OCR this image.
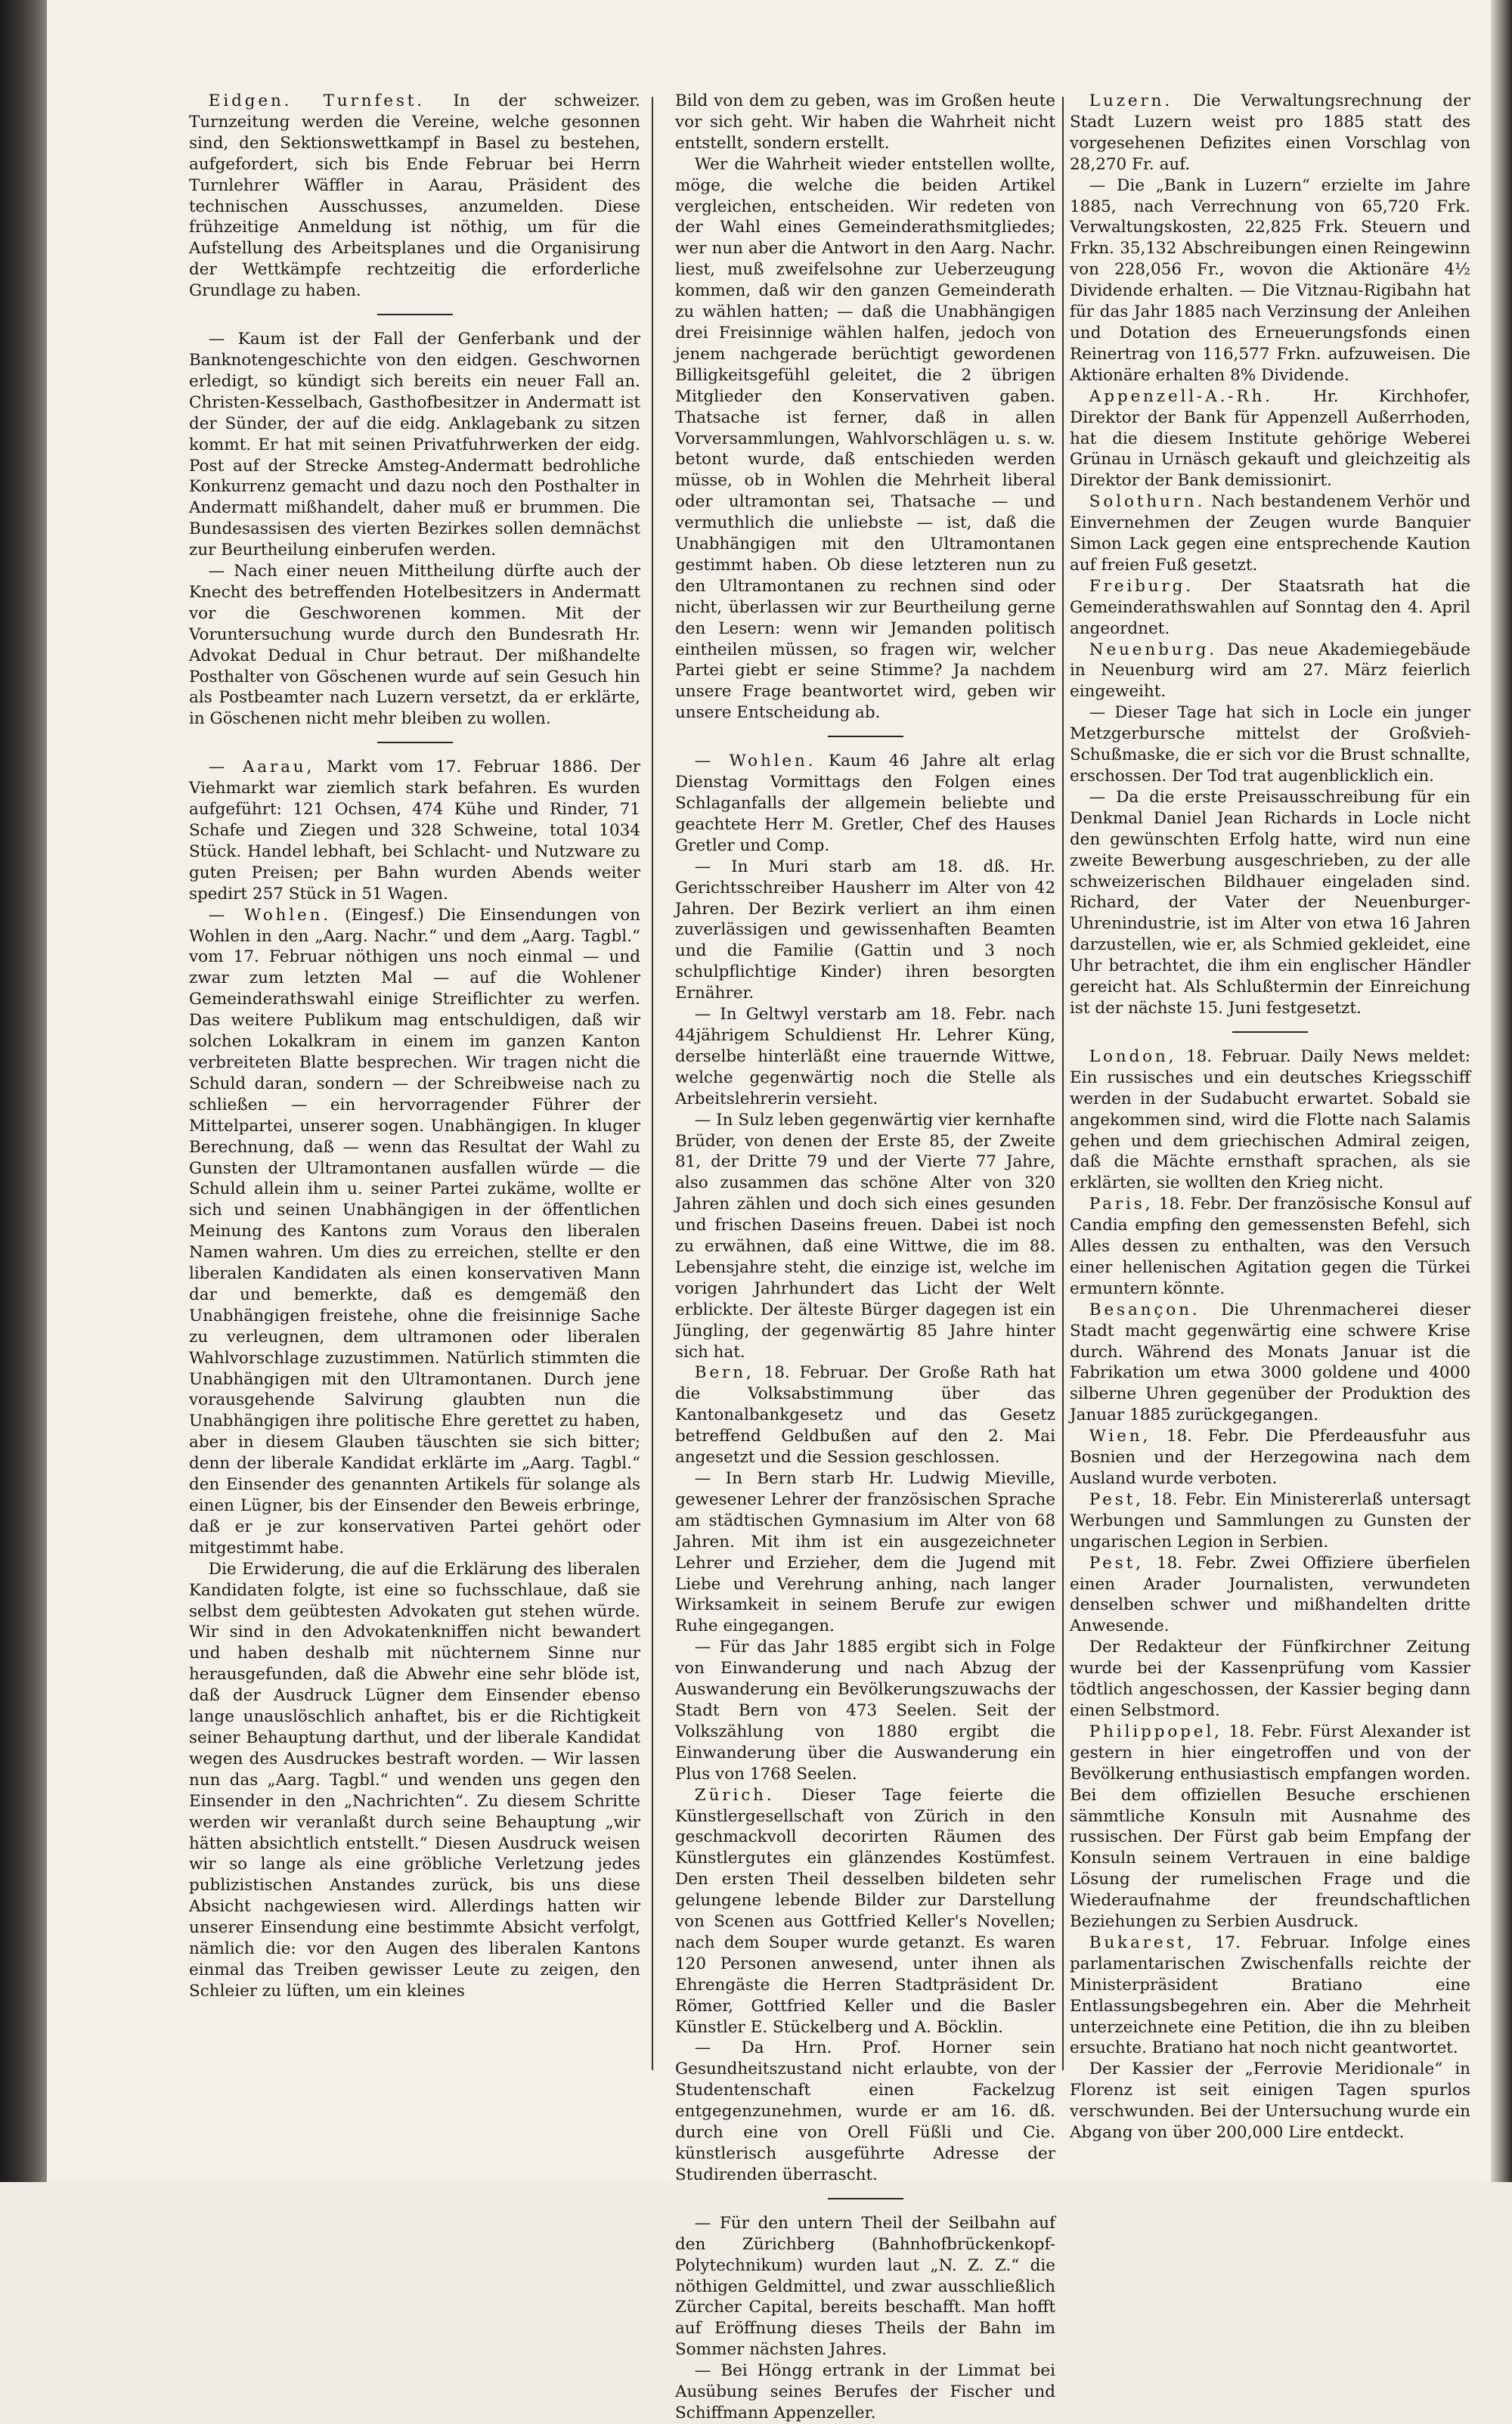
Eidgen. Turnfest. In der schweizer. Turnzeitung werden die Vereine, welche gesonnen sind, den Sektionswettkampf in Basel zu bestehen, aufgefordert, sich bis Ende Februar bei Herrn Turnlehrer Wäffler in Aarau, Präsident des technischen Ausschusses, anzumelden. Diese frühzeitige Anmeldung ist nöthig, um für die Aufstellung des Arbeitsplanes und die Organisirung der Wettkämpfe rechtzeitig die erforderliche Grundlage zu haben.

— Kaum ist der Fall der Genferbank und der Banknotengeschichte von den eidgen. Geschwornen erledigt, so kündigt sich bereits ein neuer Fall an. Christen-Kesselbach, Gasthofbesitzer in Andermatt ist der Sünder, der auf die eidg. Anklagebank zu sitzen kommt. Er hat mit seinen Privatfuhrwerken der eidg. Post auf der Strecke Amsteg-Andermatt bedrohliche Konkurrenz gemacht und dazu noch den Posthalter in Andermatt mißhandelt, daher muß er brummen. Die Bundesassisen des vierten Bezirkes sollen demnächst zur Beurtheilung einberufen werden.

— Nach einer neuen Mittheilung dürfte auch der Knecht des betreffenden Hotelbesitzers in Andermatt vor die Geschworenen kommen. Mit der Voruntersuchung wurde durch den Bundesrath Hr. Advokat Dedual in Chur betraut. Der mißhandelte Posthalter von Göschenen wurde auf sein Gesuch hin als Postbeamter nach Luzern versetzt, da er erklärte, in Göschenen nicht mehr bleiben zu wollen.

— Aarau, Markt vom 17. Februar 1886. Der Viehmarkt war ziemlich stark befahren. Es wurden aufgeführt: 121 Ochsen, 474 Kühe und Rinder, 71 Schafe und Ziegen und 328 Schweine, total 1034 Stück. Handel lebhaft, bei Schlacht- und Nutzware zu guten Preisen; per Bahn wurden Abends weiter spedirt 257 Stück in 51 Wagen.

— Wohlen. (Eingesf.) Die Einsendungen von Wohlen in den „Aarg. Nachr.“ und dem „Aarg. Tagbl.“ vom 17. Februar nöthigen uns noch einmal — und zwar zum letzten Mal — auf die Wohlener Gemeinderathswahl einige Streiflichter zu werfen. Das weitere Publikum mag entschuldigen, daß wir solchen Lokalkram in einem im ganzen Kanton verbreiteten Blatte besprechen. Wir tragen nicht die Schuld daran, sondern — der Schreibweise nach zu schließen — ein hervorragender Führer der Mittelpartei, unserer sogen. Unabhängigen. In kluger Berechnung, daß — wenn das Resultat der Wahl zu Gunsten der Ultramontanen ausfallen würde — die Schuld allein ihm u. seiner Partei zukäme, wollte er sich und seinen Unabhängigen in der öffentlichen Meinung des Kantons zum Voraus den liberalen Namen wahren. Um dies zu erreichen, stellte er den liberalen Kandidaten als einen konservativen Mann dar und bemerkte, daß es demgemäß den Unabhängigen freistehe, ohne die freisinnige Sache zu verleugnen, dem ultramonen oder liberalen Wahlvorschlage zuzustimmen. Natürlich stimmten die Unabhängigen mit den Ultramontanen. Durch jene vorausgehende Salvirung glaubten nun die Unabhängigen ihre politische Ehre gerettet zu haben, aber in diesem Glauben täuschten sie sich bitter; denn der liberale Kandidat erklärte im „Aarg. Tagbl.“ den Einsender des genannten Artikels für solange als einen Lügner, bis der Einsender den Beweis erbringe, daß er je zur konservativen Partei gehört oder mitgestimmt habe.

Die Erwiderung, die auf die Erklärung des liberalen Kandidaten folgte, ist eine so fuchsschlaue, daß sie selbst dem geübtesten Advokaten gut stehen würde. Wir sind in den Advokatenkniffen nicht bewandert und haben deshalb mit nüchternem Sinne nur herausgefunden, daß die Abwehr eine sehr blöde ist, daß der Ausdruck Lügner dem Einsender ebenso lange unauslöschlich anhaftet, bis er die Richtigkeit seiner Behauptung darthut, und der liberale Kandidat wegen des Ausdruckes bestraft worden. — Wir lassen nun das „Aarg. Tagbl.“ und wenden uns gegen den Einsender in den „Nachrichten“. Zu diesem Schritte werden wir veranlaßt durch seine Behauptung „wir hätten absichtlich entstellt.“ Diesen Ausdruck weisen wir so lange als eine gröbliche Verletzung jedes publizistischen Anstandes zurück, bis uns diese Absicht nachgewiesen wird. Allerdings hatten wir unserer Einsendung eine bestimmte Absicht verfolgt, nämlich die: vor den Augen des liberalen Kantons einmal das Treiben gewisser Leute zu zeigen, den Schleier zu lüften, um ein kleines

Bild von dem zu geben, was im Großen heute vor sich geht. Wir haben die Wahrheit nicht entstellt, sondern erstellt.

Wer die Wahrheit wieder entstellen wollte, möge, die welche die beiden Artikel vergleichen, entscheiden. Wir redeten von der Wahl eines Gemeinderathsmitgliedes; wer nun aber die Antwort in den Aarg. Nachr. liest, muß zweifelsohne zur Ueberzeugung kommen, daß wir den ganzen Gemeinderath zu wählen hatten; — daß die Unabhängigen drei Freisinnige wählen halfen, jedoch von jenem nachgerade berüchtigt gewordenen Billigkeitsgefühl geleitet, die 2 übrigen Mitglieder den Konservativen gaben. Thatsache ist ferner, daß in allen Vorversammlungen, Wahlvorschlägen u. s. w. betont wurde, daß entschieden werden müsse, ob in Wohlen die Mehrheit liberal oder ultramontan sei, Thatsache — und vermuthlich die unliebste — ist, daß die Unabhängigen mit den Ultramontanen gestimmt haben. Ob diese letzteren nun zu den Ultramontanen zu rechnen sind oder nicht, überlassen wir zur Beurtheilung gerne den Lesern: wenn wir Jemanden politisch eintheilen müssen, so fragen wir, welcher Partei giebt er seine Stimme? Ja nachdem unsere Frage beantwortet wird, geben wir unsere Entscheidung ab.

— Wohlen. Kaum 46 Jahre alt erlag Dienstag Vormittags den Folgen eines Schlaganfalls der allgemein beliebte und geachtete Herr M. Gretler, Chef des Hauses Gretler und Comp.

— In Muri starb am 18. dß. Hr. Gerichtsschreiber Hausherr im Alter von 42 Jahren. Der Bezirk verliert an ihm einen zuverlässigen und gewissenhaften Beamten und die Familie (Gattin und 3 noch schulpflichtige Kinder) ihren besorgten Ernährer.

— In Geltwyl verstarb am 18. Febr. nach 44jährigem Schuldienst Hr. Lehrer Küng, derselbe hinterläßt eine trauernde Wittwe, welche gegenwärtig noch die Stelle als Arbeitslehrerin versieht.

— In Sulz leben gegenwärtig vier kernhafte Brüder, von denen der Erste 85, der Zweite 81, der Dritte 79 und der Vierte 77 Jahre, also zusammen das schöne Alter von 320 Jahren zählen und doch sich eines gesunden und frischen Daseins freuen. Dabei ist noch zu erwähnen, daß eine Wittwe, die im 88. Lebensjahre steht, die einzige ist, welche im vorigen Jahrhundert das Licht der Welt erblickte. Der älteste Bürger dagegen ist ein Jüngling, der gegenwärtig 85 Jahre hinter sich hat.

Bern, 18. Februar. Der Große Rath hat die Volksabstimmung über das Kantonalbankgesetz und das Gesetz betreffend Geldbußen auf den 2. Mai angesetzt und die Session geschlossen.

— In Bern starb Hr. Ludwig Mieville, gewesener Lehrer der französischen Sprache am städtischen Gymnasium im Alter von 68 Jahren. Mit ihm ist ein ausgezeichneter Lehrer und Erzieher, dem die Jugend mit Liebe und Verehrung anhing, nach langer Wirksamkeit in seinem Berufe zur ewigen Ruhe eingegangen.

— Für das Jahr 1885 ergibt sich in Folge von Einwanderung und nach Abzug der Auswanderung ein Bevölkerungszuwachs der Stadt Bern von 473 Seelen. Seit der Volkszählung von 1880 ergibt die Einwanderung über die Auswanderung ein Plus von 1768 Seelen.

Zürich. Dieser Tage feierte die Künstlergesellschaft von Zürich in den geschmackvoll decorirten Räumen des Künstlergutes ein glänzendes Kostümfest. Den ersten Theil desselben bildeten sehr gelungene lebende Bilder zur Darstellung von Scenen aus Gottfried Keller's Novellen; nach dem Souper wurde getanzt. Es waren 120 Personen anwesend, unter ihnen als Ehrengäste die Herren Stadtpräsident Dr. Römer, Gottfried Keller und die Basler Künstler E. Stückelberg und A. Böcklin.

— Da Hrn. Prof. Horner sein Gesundheitszustand nicht erlaubte, von der Studentenschaft einen Fackelzug entgegenzunehmen, wurde er am 16. dß. durch eine von Orell Füßli und Cie. künstlerisch ausgeführte Adresse der Studirenden überrascht.

— Für den untern Theil der Seilbahn auf den Zürichberg (Bahnhofbrückenkopf-Polytechnikum) wurden laut „N. Z. Z.“ die nöthigen Geldmittel, und zwar ausschließlich Zürcher Capital, bereits beschafft. Man hofft auf Eröffnung dieses Theils der Bahn im Sommer nächsten Jahres.

— Bei Höngg ertrank in der Limmat bei Ausübung seines Berufes der Fischer und Schiffmann Appenzeller.

Luzern. Die Verwaltungsrechnung der Stadt Luzern weist pro 1885 statt des vorgesehenen Defizites einen Vorschlag von 28,270 Fr. auf.

— Die „Bank in Luzern“ erzielte im Jahre 1885, nach Verrechnung von 65,720 Frk. Verwaltungskosten, 22,825 Frk. Steuern und Frkn. 35,132 Abschreibungen einen Reingewinn von 228,056 Fr., wovon die Aktionäre 4½ Dividende erhalten. — Die Vitznau-Rigibahn hat für das Jahr 1885 nach Verzinsung der Anleihen und Dotation des Erneuerungsfonds einen Reinertrag von 116,577 Frkn. aufzuweisen. Die Aktionäre erhalten 8% Dividende.

Appenzell-A.-Rh. Hr. Kirchhofer, Direktor der Bank für Appenzell Außerrhoden, hat die diesem Institute gehörige Weberei Grünau in Urnäsch gekauft und gleichzeitig als Direktor der Bank demissionirt.

Solothurn. Nach bestandenem Verhör und Einvernehmen der Zeugen wurde Banquier Simon Lack gegen eine entsprechende Kaution auf freien Fuß gesetzt.

Freiburg. Der Staatsrath hat die Gemeinderathswahlen auf Sonntag den 4. April angeordnet.

Neuenburg. Das neue Akademiegebäude in Neuenburg wird am 27. März feierlich eingeweiht.

— Dieser Tage hat sich in Locle ein junger Metzgerbursche mittelst der Großvieh-Schußmaske, die er sich vor die Brust schnallte, erschossen. Der Tod trat augenblicklich ein.

— Da die erste Preisausschreibung für ein Denkmal Daniel Jean Richards in Locle nicht den gewünschten Erfolg hatte, wird nun eine zweite Bewerbung ausgeschrieben, zu der alle schweizerischen Bildhauer eingeladen sind. Richard, der Vater der Neuenburger-Uhrenindustrie, ist im Alter von etwa 16 Jahren darzustellen, wie er, als Schmied gekleidet, eine Uhr betrachtet, die ihm ein englischer Händler gereicht hat. Als Schlußtermin der Einreichung ist der nächste 15. Juni festgesetzt.

London, 18. Februar. Daily News meldet: Ein russisches und ein deutsches Kriegsschiff werden in der Sudabucht erwartet. Sobald sie angekommen sind, wird die Flotte nach Salamis gehen und dem griechischen Admiral zeigen, daß die Mächte ernsthaft sprachen, als sie erklärten, sie wollten den Krieg nicht.

Paris, 18. Febr. Der französische Konsul auf Candia empfing den gemessensten Befehl, sich Alles dessen zu enthalten, was den Versuch einer hellenischen Agitation gegen die Türkei ermuntern könnte.

Besançon. Die Uhrenmacherei dieser Stadt macht gegenwärtig eine schwere Krise durch. Während des Monats Januar ist die Fabrikation um etwa 3000 goldene und 4000 silberne Uhren gegenüber der Produktion des Januar 1885 zurückgegangen.

Wien, 18. Febr. Die Pferdeausfuhr aus Bosnien und der Herzegowina nach dem Ausland wurde verboten.

Pest, 18. Febr. Ein Ministererlaß untersagt Werbungen und Sammlungen zu Gunsten der ungarischen Legion in Serbien.

Pest, 18. Febr. Zwei Offiziere überfielen einen Arader Journalisten, verwundeten denselben schwer und mißhandelten dritte Anwesende.

Der Redakteur der Fünfkirchner Zeitung wurde bei der Kassenprüfung vom Kassier tödtlich angeschossen, der Kassier beging dann einen Selbstmord.

Philippopel, 18. Febr. Fürst Alexander ist gestern in hier eingetroffen und von der Bevölkerung enthusiastisch empfangen worden. Bei dem offiziellen Besuche erschienen sämmtliche Konsuln mit Ausnahme des russischen. Der Fürst gab beim Empfang der Konsuln seinem Vertrauen in eine baldige Lösung der rumelischen Frage und die Wiederaufnahme der freundschaftlichen Beziehungen zu Serbien Ausdruck.

Bukarest, 17. Februar. Infolge eines parlamentarischen Zwischenfalls reichte der Ministerpräsident Bratiano eine Entlassungsbegehren ein. Aber die Mehrheit unterzeichnete eine Petition, die ihn zu bleiben ersuchte. Bratiano hat noch nicht geantwortet.

Der Kassier der „Ferrovie Meridionale“ in Florenz ist seit einigen Tagen spurlos verschwunden. Bei der Untersuchung wurde ein Abgang von über 200,000 Lire entdeckt.
